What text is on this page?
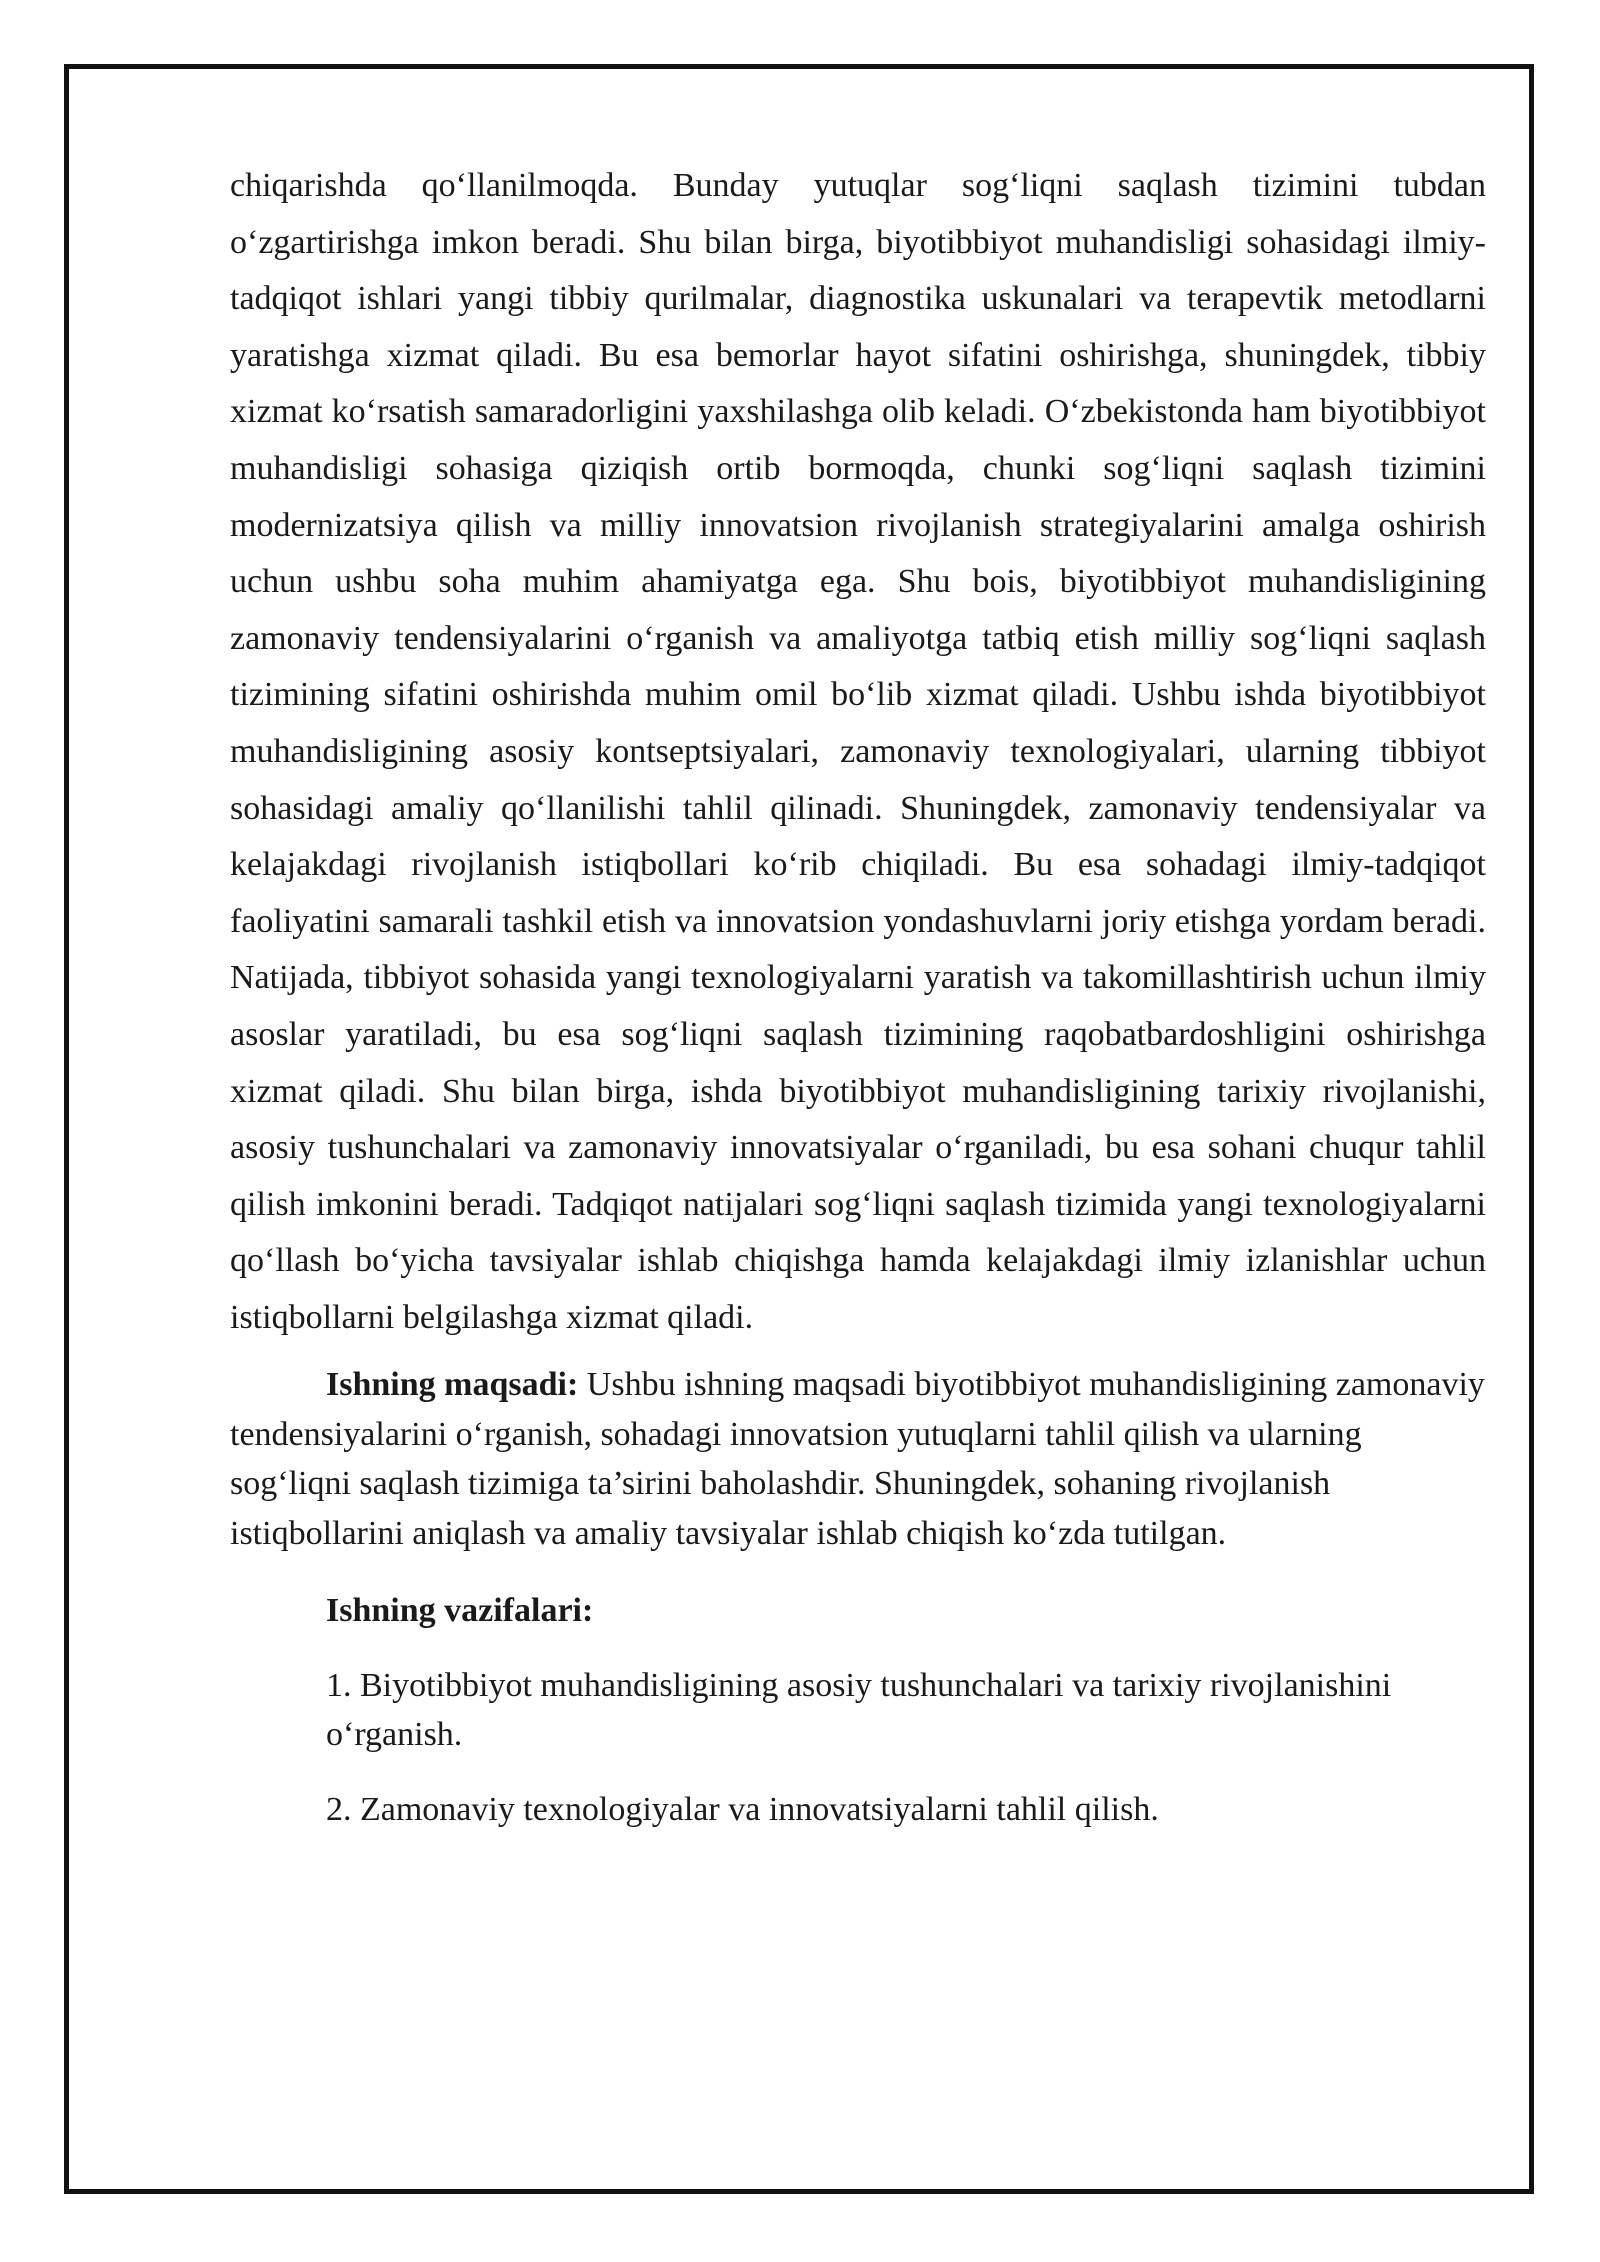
chiqarishda qo‘llanilmoqda. Bunday yutuqlar sog‘liqni saqlash tizimini tubdan o‘zgartirishga imkon beradi. Shu bilan birga, biyotibbiyot muhandisligi sohasidagi ilmiy-tadqiqot ishlari yangi tibbiy qurilmalar, diagnostika uskunalari va terapevtik metodlarni yaratishga xizmat qiladi. Bu esa bemorlar hayot sifatini oshirishga, shuningdek, tibbiy xizmat ko‘rsatish samaradorligini yaxshilashga olib keladi. O‘zbekistonda ham biyotibbiyot muhandisligi sohasiga qiziqish ortib bormoqda, chunki sog‘liqni saqlash tizimini modernizatsiya qilish va milliy innovatsion rivojlanish strategiyalarini amalga oshirish uchun ushbu soha muhim ahamiyatga ega. Shu bois, biyotibbiyot muhandisligining zamonaviy tendensiyalarini o‘rganish va amaliyotga tatbiq etish milliy sog‘liqni saqlash tizimining sifatini oshirishda muhim omil bo‘lib xizmat qiladi. Ushbu ishda biyotibbiyot muhandisligining asosiy kontseptsiyalari, zamonaviy texnologiyalari, ularning tibbiyot sohasidagi amaliy qo‘llanilishi tahlil qilinadi. Shuningdek, zamonaviy tendensiyalar va kelajakdagi rivojlanish istiqbollari ko‘rib chiqiladi. Bu esa sohadagi ilmiy-tadqiqot faoliyatini samarali tashkil etish va innovatsion yondashuvlarni joriy etishga yordam beradi. Natijada, tibbiyot sohasida yangi texnologiyalarni yaratish va takomillashtirish uchun ilmiy asoslar yaratiladi, bu esa sog‘liqni saqlash tizimining raqobatbardoshligini oshirishga xizmat qiladi. Shu bilan birga, ishda biyotibbiyot muhandisligining tarixiy rivojlanishi, asosiy tushunchalari va zamonaviy innovatsiyalar o‘rganiladi, bu esa sohani chuqur tahlil qilish imkonini beradi. Tadqiqot natijalari sog‘liqni saqlash tizimida yangi texnologiyalarni qo‘llash bo‘yicha tavsiyalar ishlab chiqishga hamda kelajakdagi ilmiy izlanishlar uchun istiqbollarni belgilashga xizmat qiladi.

Ishning maqsadi: Ushbu ishning maqsadi biyotibbiyot muhandisligining zamonaviy tendensiyalarini o‘rganish, sohadagi innovatsion yutuqlarni tahlil qilish va ularning sog‘liqni saqlash tizimiga ta’sirini baholashdir. Shuningdek, sohaning rivojlanish istiqbollarini aniqlash va amaliy tavsiyalar ishlab chiqish ko‘zda tutilgan.

Ishning vazifalari:

1. Biyotibbiyot muhandisligining asosiy tushunchalari va tarixiy rivojlanishini o‘rganish.

2. Zamonaviy texnologiyalar va innovatsiyalarni tahlil qilish.
